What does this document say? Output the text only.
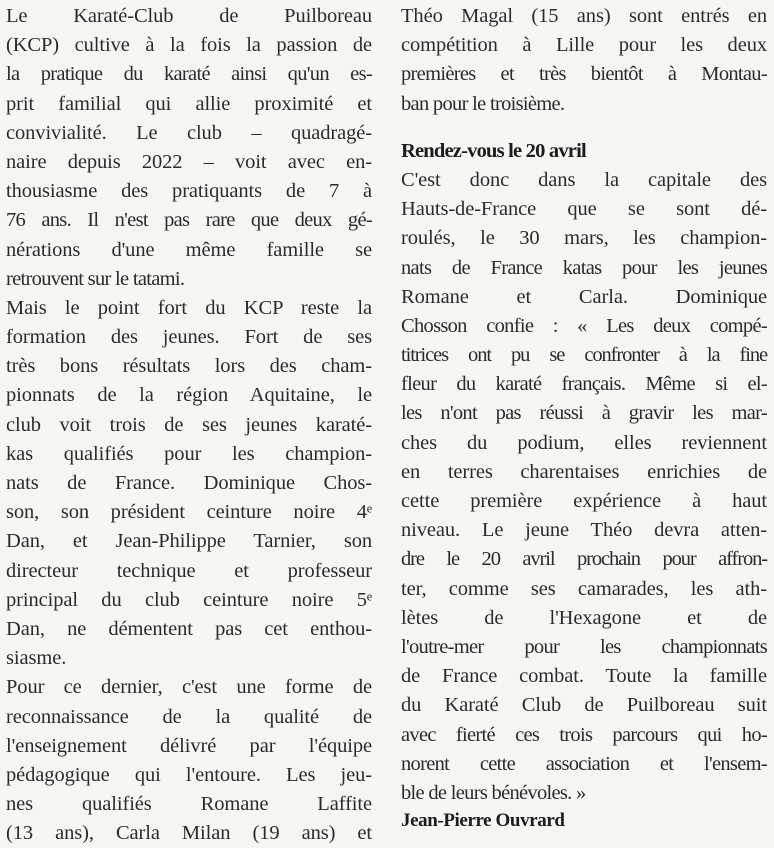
Le Karaté-Club de Puilboreau
(KCP) cultive à la fois la passion de
la pratique du karaté ainsi qu'un es-
prit familial qui allie proximité et
convivialité. Le club – quadragé-
naire depuis 2022 – voit avec en-
thousiasme des pratiquants de 7 à
76 ans. Il n'est pas rare que deux gé-
nérations d'une même famille se
retrouvent sur le tatami.
Mais le point fort du KCP reste la
formation des jeunes. Fort de ses
très bons résultats lors des cham-
pionnats de la région Aquitaine, le
club voit trois de ses jeunes karaté-
kas qualifiés pour les champion-
nats de France. Dominique Chos-
son, son président ceinture noire 4ᵉ
Dan, et Jean-Philippe Tarnier, son
directeur technique et professeur
principal du club ceinture noire 5ᵉ
Dan, ne démentent pas cet enthou-
siasme.
Pour ce dernier, c'est une forme de
reconnaissance de la qualité de
l'enseignement délivré par l'équipe
pédagogique qui l'entoure. Les jeu-
nes qualifiés Romane Laffite
(13 ans), Carla Milan (19 ans) et
Théo Magal (15 ans) sont entrés en
compétition à Lille pour les deux
premières et très bientôt à Montau-
ban pour le troisième.
Rendez-vous le 20 avril
C'est donc dans la capitale des
Hauts-de-France que se sont dé-
roulés, le 30 mars, les champion-
nats de France katas pour les jeunes
Romane et Carla. Dominique
Chosson confie : « Les deux compé-
titrices ont pu se confronter à la fine
fleur du karaté français. Même si el-
les n'ont pas réussi à gravir les mar-
ches du podium, elles reviennent
en terres charentaises enrichies de
cette première expérience à haut
niveau. Le jeune Théo devra atten-
dre le 20 avril prochain pour affron-
ter, comme ses camarades, les ath-
lètes de l'Hexagone et de
l'outre-mer pour les championnats
de France combat. Toute la famille
du Karaté Club de Puilboreau suit
avec fierté ces trois parcours qui ho-
norent cette association et l'ensem-
ble de leurs bénévoles. »
Jean-Pierre Ouvrard
